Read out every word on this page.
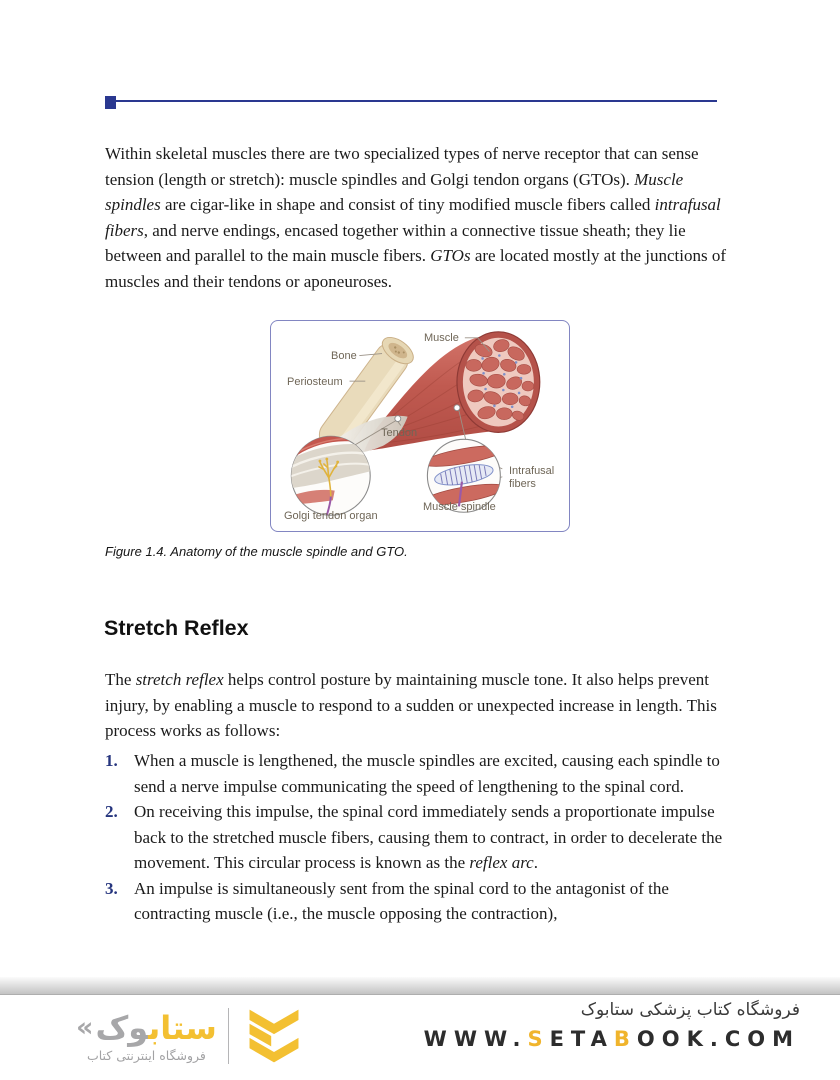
Within skeletal muscles there are two specialized types of nerve receptor that can sense tension (length or stretch): muscle spindles and Golgi tendon organs (GTOs). Muscle spindles are cigar-like in shape and consist of tiny modified muscle fibers called intrafusal fibers, and nerve endings, encased together within a connective tissue sheath; they lie between and parallel to the main muscle fibers. GTOs are located mostly at the junctions of muscles and their tendons or aponeuroses.

Muscle
Bone
Periosteum
Tendon
Golgi tendon organ
Muscle spindle
Intrafusal fibers
Figure 1.4. Anatomy of the muscle spindle and GTO.
Stretch Reflex

The stretch reflex helps control posture by maintaining muscle tone. It also helps prevent injury, by enabling a muscle to respond to a sudden or unexpected increase in length. This process works as follows:

1. When a muscle is lengthened, the muscle spindles are excited, causing each spindle to send a nerve impulse communicating the speed of lengthening to the spinal cord.
2. On receiving this impulse, the spinal cord immediately sends a proportionate impulse back to the stretched muscle fibers, causing them to contract, in order to decelerate the movement. This circular process is known as the reflex arc.
3. An impulse is simultaneously sent from the spinal cord to the antagonist of the contracting muscle (i.e., the muscle opposing the contraction),
«	ستابوک
فروشگاه اینترنتی کتاب
فروشگاه کتاب پزشکی ستابوک
WWW.SETABOOK.COM
